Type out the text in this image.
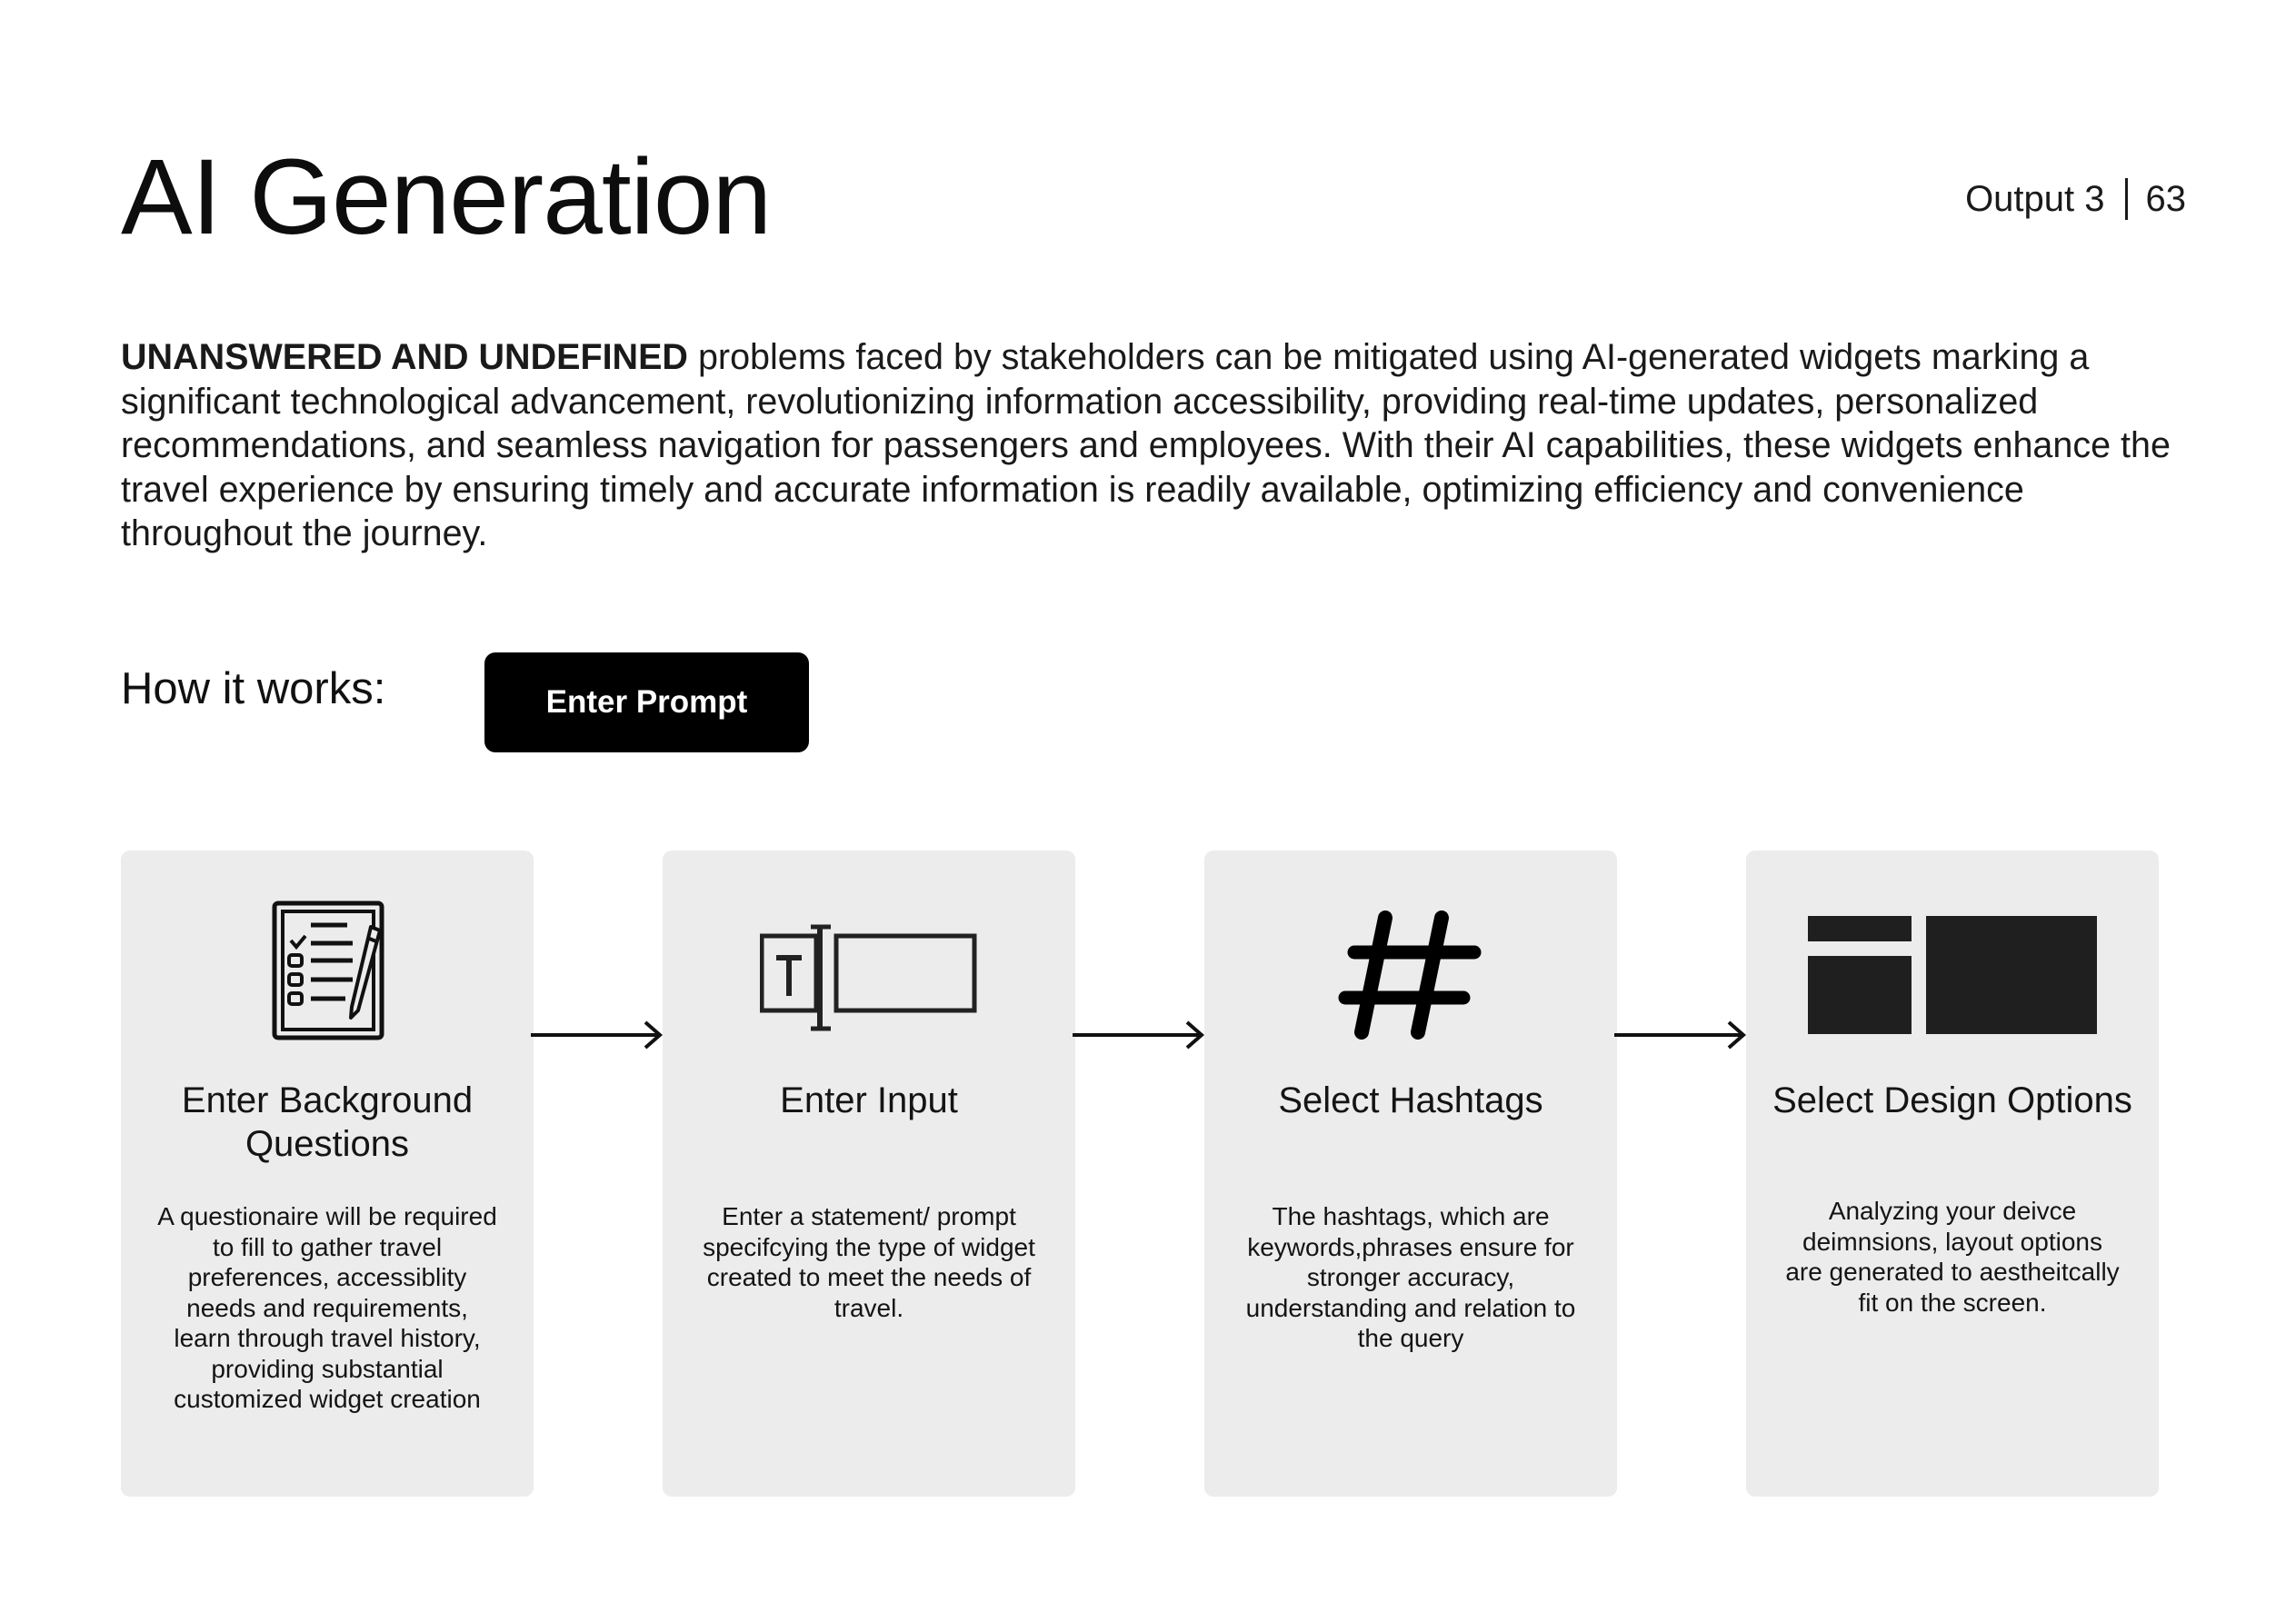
AI Generation	Output 3 63

UNANSWERED AND UNDEFINED problems faced by stakeholders can be mitigated using AI-generated widgets marking a significant technological advancement, revolutionizing information accessibility, providing real-time updates, personalized recommendations, and seamless navigation for passengers and employees. With their AI capabilities, these widgets enhance the travel experience by ensuring timely and accurate information is readily available, optimizing efficiency and convenience throughout the journey.

How it works:	Enter Prompt
Enter Background Questions
A questionaire will be required to fill to gather travel preferences, accessiblity needs and requirements, learn through travel history, providing substantial customized widget creation
Enter Input
Enter a statement/ prompt specifcying the type of widget created to meet the needs of travel.
Select Hashtags
The hashtags, which are keywords,phrases ensure for stronger accuracy, understanding and relation to the query
Select Design Options
Analyzing your deivce deimnsions, layout options are generated to aestheitcally fit on the screen.
